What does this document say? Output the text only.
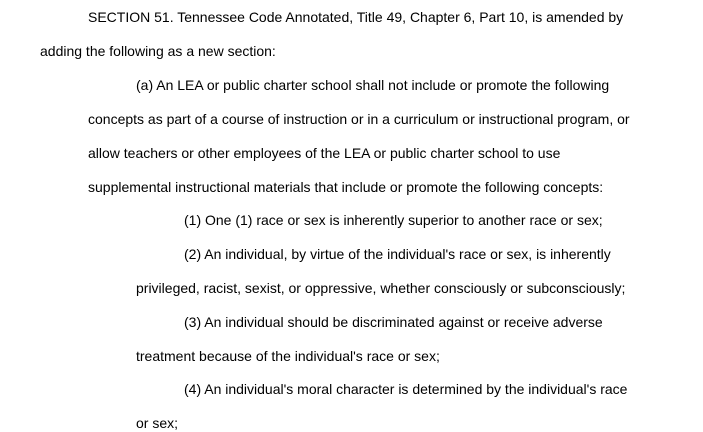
SECTION 51. Tennessee Code Annotated, Title 49, Chapter 6, Part 10, is amended by
adding the following as a new section:
(a) An LEA or public charter school shall not include or promote the following
concepts as part of a course of instruction or in a curriculum or instructional program, or
allow teachers or other employees of the LEA or public charter school to use
supplemental instructional materials that include or promote the following concepts:
(1) One (1) race or sex is inherently superior to another race or sex;
(2) An individual, by virtue of the individual's race or sex, is inherently
privileged, racist, sexist, or oppressive, whether consciously or subconsciously;
(3) An individual should be discriminated against or receive adverse
treatment because of the individual's race or sex;
(4) An individual's moral character is determined by the individual's race
or sex;
